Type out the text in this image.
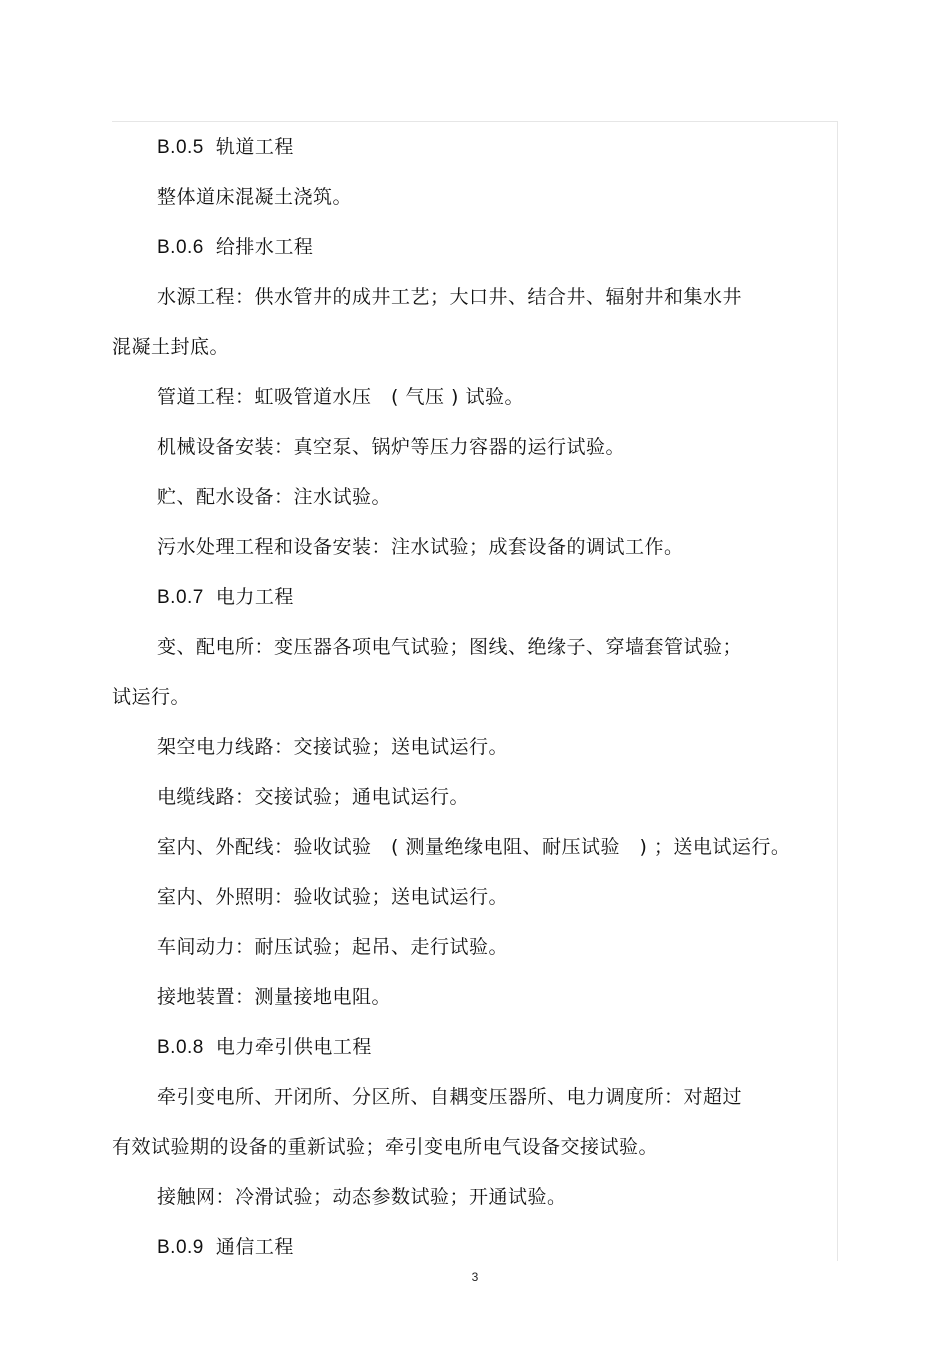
B.0.5 轨道工程
整体道床混凝土浇筑。
B.0.6 给排水工程
水源工程：供水管井的成井工艺；大口井、结合井、辐射井和集水井
混凝土封底。
管道工程：虹吸管道水压　( 气压 ) 试验。
机械设备安装：真空泵、锅炉等压力容器的运行试验。
贮、配水设备：注水试验。
污水处理工程和设备安装：注水试验；成套设备的调试工作。
B.0.7 电力工程
变、配电所：变压器各项电气试验；图线、绝缘子、穿墙套管试验；
试运行。
架空电力线路：交接试验；送电试运行。
电缆线路：交接试验；通电试运行。
室内、外配线：验收试验　( 测量绝缘电阻、耐压试验　) ；送电试运行。
室内、外照明：验收试验；送电试运行。
车间动力：耐压试验；起吊、走行试验。
接地装置：测量接地电阻。
B.0.8 电力牵引供电工程
牵引变电所、开闭所、分区所、自耦变压器所、电力调度所：对超过
有效试验期的设备的重新试验；牵引变电所电气设备交接试验。
接触网：冷滑试验；动态参数试验；开通试验。
B.0.9 通信工程
3
